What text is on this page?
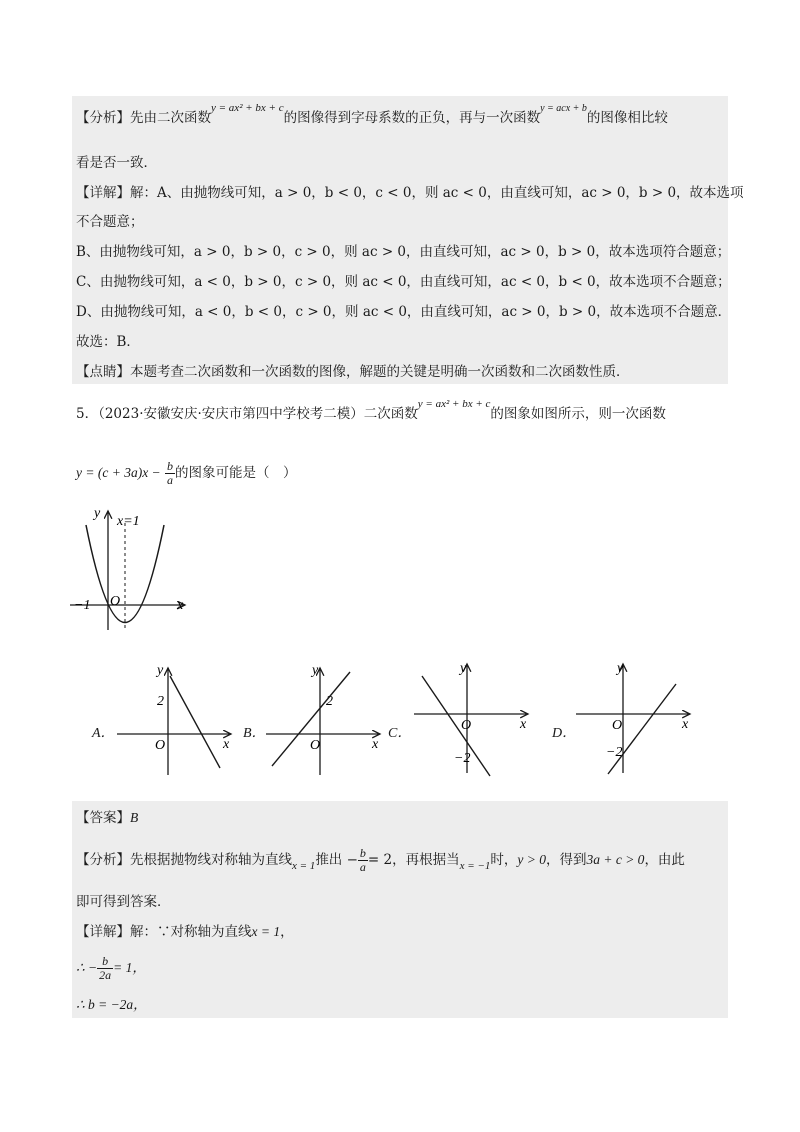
【分析】先由二次函数$^{y = ax^2 + bx + c}$的图像得到字母系数的正负，再与一次函数$^{y = acx + b}$的图像相比较
看是否一致．
【详解】解：A、由抛物线可知，a > 0，b < 0，c < 0，则 ac < 0，由直线可知，ac > 0，b > 0，故本选项
不合题意；
B、由抛物线可知，a > 0，b > 0，c > 0，则 ac > 0，由直线可知，ac > 0，b > 0，故本选项符合题意；
C、由抛物线可知，a < 0，b > 0，c > 0，则 ac < 0，由直线可知，ac < 0，b < 0，故本选项不合题意；
D、由抛物线可知，a < 0，b < 0，c > 0，则 ac < 0，由直线可知，ac > 0，b > 0，故本选项不合题意．
故选：B．
【点睛】本题考查二次函数和一次函数的图像，解题的关键是明确一次函数和二次函数性质．
5．（2023·安徽安庆·安庆市第四中学校考二模）二次函数$^{y = ax^2 + bx + c}$的图象如图所示，则一次函数
$y = (c + 3a)x - \frac{b}{a}$ 的图象可能是（　）
y
x=1
x
−1 O
A．
y
x
O
2
B．
y
x
O
2
C．
y
x
O
−2
D．
y
x
O
−2
【答案】B
【分析】先根据抛物线对称轴为直线$_{x = 1}$推出 − $\frac{b}{a} = 2$，再根据当$_{x = -1}$时，y > 0，得到3a + c > 0，由此
即可得到答案．
【详解】解：∵对称轴为直线x = 1，
∴ − $\frac{b}{2a} = 1$，
∴ b = −2a，
